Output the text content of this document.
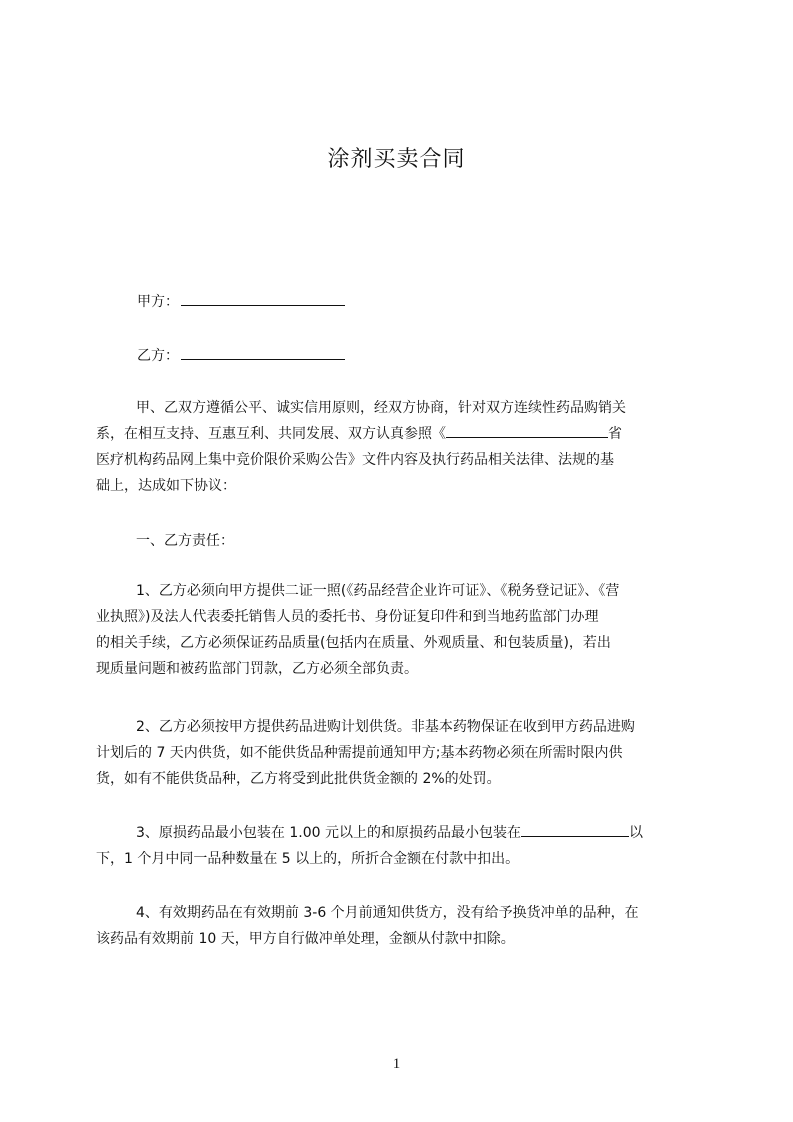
涂剂买卖合同
甲方：
乙方：
甲、乙双方遵循公平、诚实信用原则，经双方协商，针对双方连续性药品购销关
系，在相互支持、互惠互利、共同发展、双方认真参照《	省
医疗机构药品网上集中竞价限价采购公告》文件内容及执行药品相关法律、法规的基
础上，达成如下协议：
一、乙方责任：
1、乙方必须向甲方提供二证一照(《药品经营企业许可证》、《税务登记证》、《营
业执照》)及法人代表委托销售人员的委托书、身份证复印件和到当地药监部门办理
的相关手续，乙方必须保证药品质量(包括内在质量、外观质量、和包装质量)，若出
现质量问题和被药监部门罚款，乙方必须全部负责。
2、乙方必须按甲方提供药品进购计划供货。非基本药物保证在收到甲方药品进购
计划后的 7 天内供货，如不能供货品种需提前通知甲方;基本药物必须在所需时限内供
货，如有不能供货品种，乙方将受到此批供货金额的 2%的处罚。
3、原损药品最小包装在 1.00 元以上的和原损药品最小包装在	以
下，1 个月中同一品种数量在 5 以上的，所折合金额在付款中扣出。
4、有效期药品在有效期前 3-6 个月前通知供货方，没有给予换货冲单的品种，在
该药品有效期前 10 天，甲方自行做冲单处理，金额从付款中扣除。
1
